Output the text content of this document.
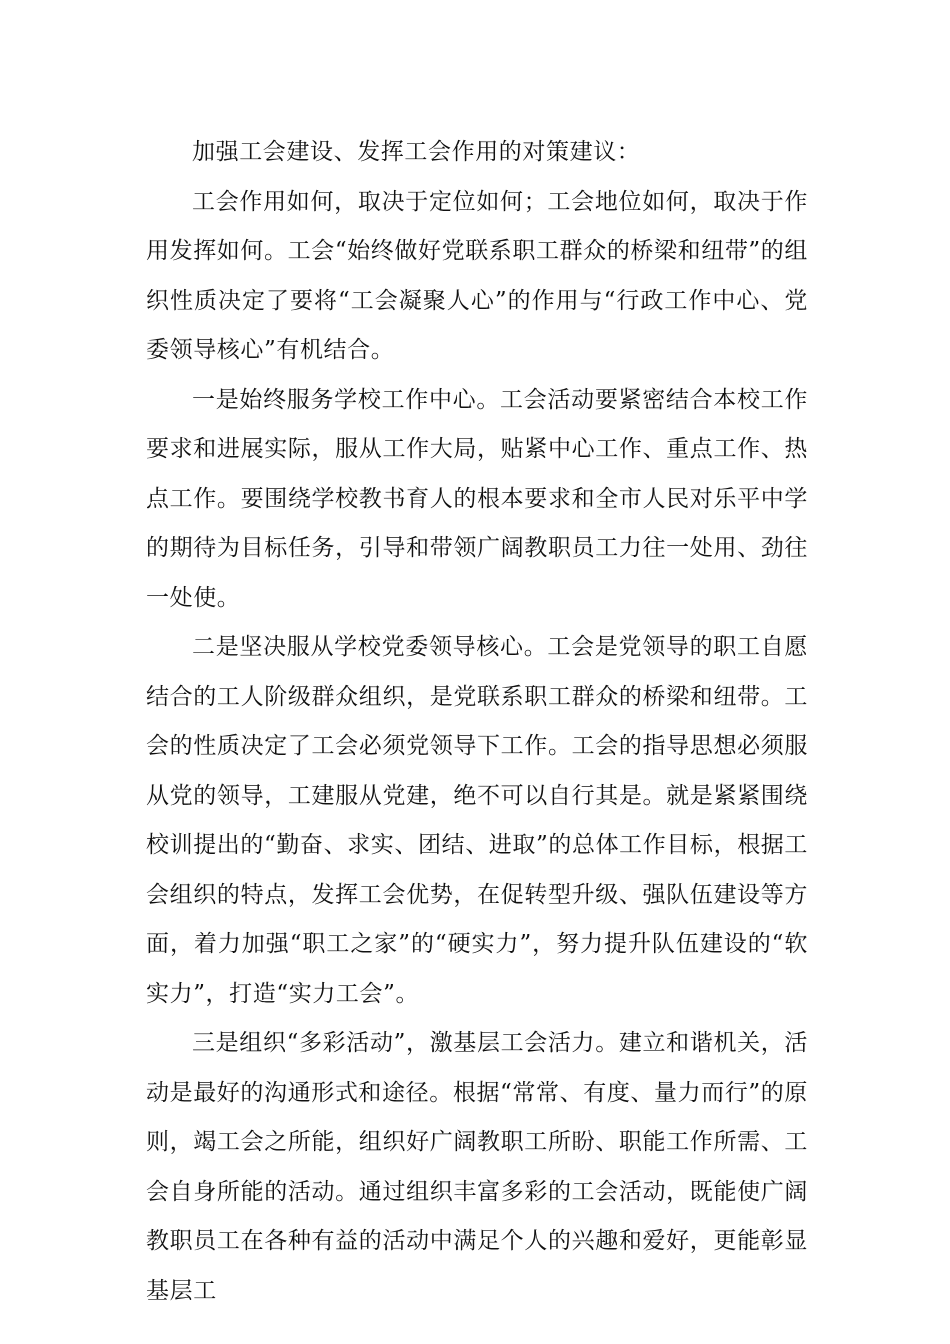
加强工会建设、发挥工会作用的对策建议：

工会作用如何，取决于定位如何；工会地位如何，取决于作用发挥如何。工会“始终做好党联系职工群众的桥梁和纽带”的组织性质决定了要将“工会凝聚人心”的作用与“行政工作中心、党委领导核心”有机结合。

一是始终服务学校工作中心。工会活动要紧密结合本校工作要求和进展实际，服从工作大局，贴紧中心工作、重点工作、热点工作。要围绕学校教书育人的根本要求和全市人民对乐平中学的期待为目标任务，引导和带领广阔教职员工力往一处用、劲往一处使。

二是坚决服从学校党委领导核心。工会是党领导的职工自愿结合的工人阶级群众组织，是党联系职工群众的桥梁和纽带。工会的性质决定了工会必须党领导下工作。工会的指导思想必须服从党的领导，工建服从党建，绝不可以自行其是。就是紧紧围绕校训提出的“勤奋、求实、团结、进取”的总体工作目标，根据工会组织的特点，发挥工会优势，在促转型升级、强队伍建设等方面，着力加强“职工之家”的“硬实力”，努力提升队伍建设的“软实力”，打造“实力工会”。

三是组织“多彩活动”，激基层工会活力。建立和谐机关，活动是最好的沟通形式和途径。根据“常常、有度、量力而行”的原则，竭工会之所能，组织好广阔教职工所盼、职能工作所需、工会自身所能的活动。通过组织丰富多彩的工会活动，既能使广阔教职员工在各种有益的活动中满足个人的兴趣和爱好，更能彰显基层工
